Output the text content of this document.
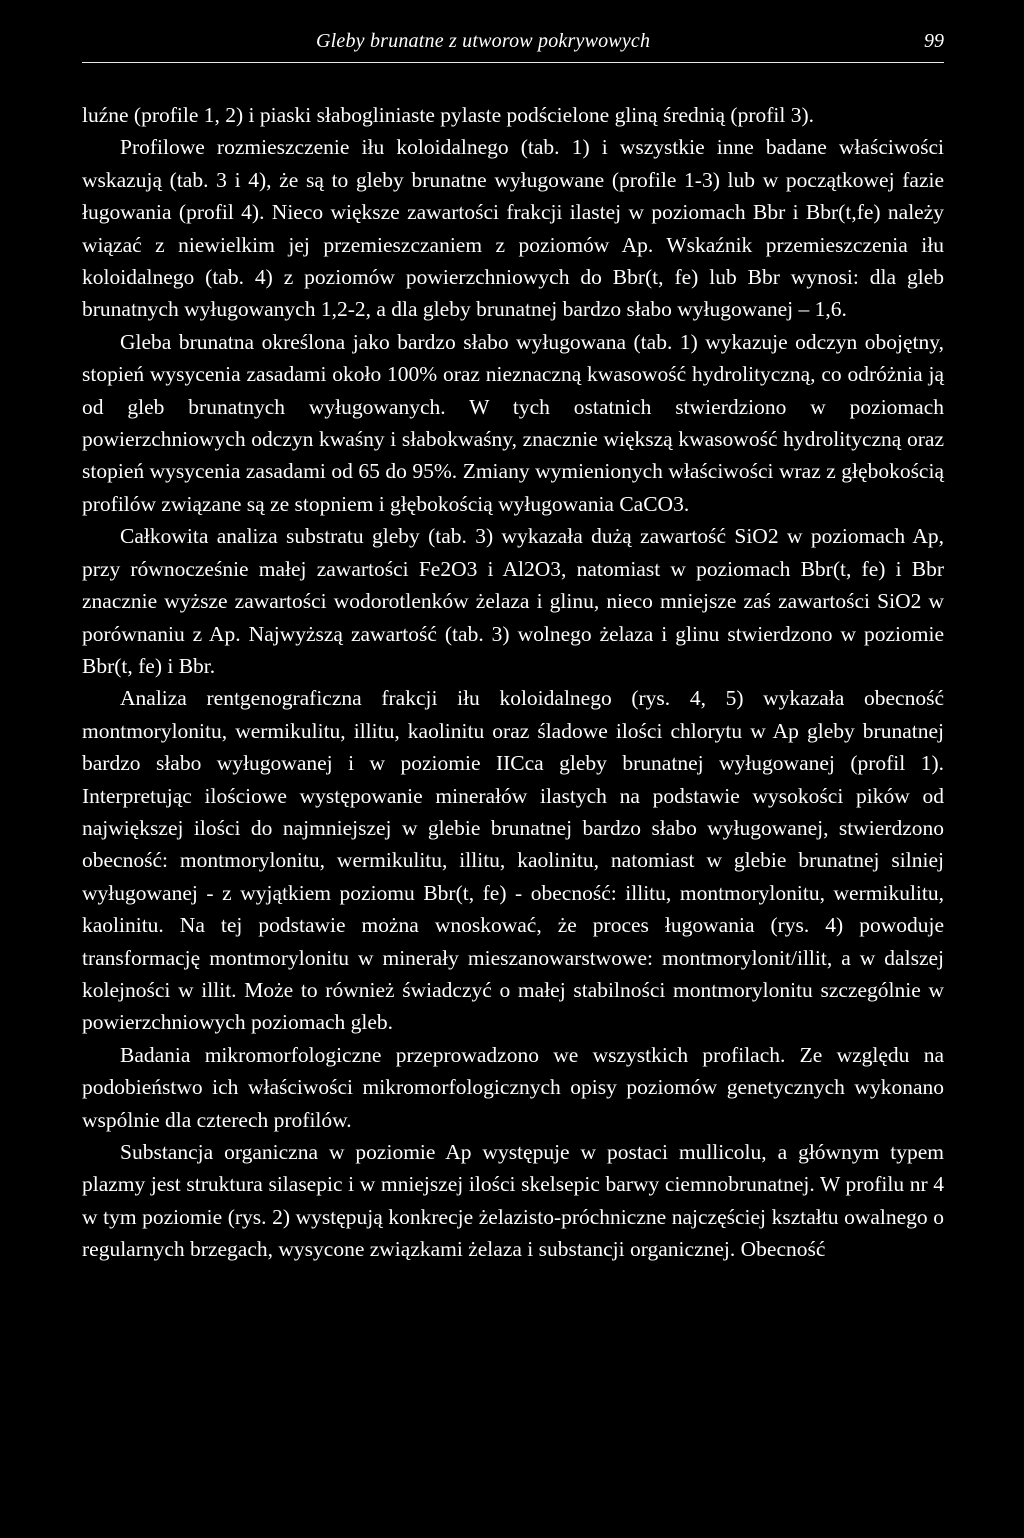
Gleby brunatne z utworow pokrywowych	99

luźne (profile 1, 2) i piaski słabogliniaste pylaste podścielone gliną średnią (profil 3).

Profilowe rozmieszczenie iłu koloidalnego (tab. 1) i wszystkie inne badane właściwości wskazują (tab. 3 i 4), że są to gleby brunatne wyługowane (profile 1-3) lub w początkowej fazie ługowania (profil 4). Nieco większe zawartości frakcji ilastej w poziomach Bbr i Bbr(t,fe) należy wiązać z niewielkim jej przemieszczaniem z poziomów Ap. Wskaźnik przemieszczenia iłu koloidalnego (tab. 4) z poziomów powierzchniowych do Bbr(t, fe) lub Bbr wynosi: dla gleb brunatnych wyługowanych 1,2-2, a dla gleby brunatnej bardzo słabo wyługowanej – 1,6.

Gleba brunatna określona jako bardzo słabo wyługowana (tab. 1) wykazuje odczyn obojętny, stopień wysycenia zasadami około 100% oraz nieznaczną kwasowość hydrolityczną, co odróżnia ją od gleb brunatnych wyługowanych. W tych ostatnich stwierdziono w poziomach powierzchniowych odczyn kwaśny i słabokwaśny, znacznie większą kwasowość hydrolityczną oraz stopień wysycenia zasadami od 65 do 95%. Zmiany wymienionych właściwości wraz z głębokością profilów związane są ze stopniem i głębokością wyługowania CaCO3.

Całkowita analiza substratu gleby (tab. 3) wykazała dużą zawartość SiO2 w poziomach Ap, przy równocześnie małej zawartości Fe2O3 i Al2O3, natomiast w poziomach Bbr(t, fe) i Bbr znacznie wyższe zawartości wodorotlenków żelaza i glinu, nieco mniejsze zaś zawartości SiO2 w porównaniu z Ap. Najwyższą zawartość (tab. 3) wolnego żelaza i glinu stwierdzono w poziomie Bbr(t, fe) i Bbr.

Analiza rentgenograficzna frakcji iłu koloidalnego (rys. 4, 5) wykazała obecność montmorylonitu, wermikulitu, illitu, kaolinitu oraz śladowe ilości chlorytu w Ap gleby brunatnej bardzo słabo wyługowanej i w poziomie IICca gleby brunatnej wyługowanej (profil 1). Interpretując ilościowe występowanie minerałów ilastych na podstawie wysokości pików od największej ilości do najmniejszej w glebie brunatnej bardzo słabo wyługowanej, stwierdzono obecność: montmorylonitu, wermikulitu, illitu, kaolinitu, natomiast w glebie brunatnej silniej wyługowanej - z wyjątkiem poziomu Bbr(t, fe) - obecność: illitu, montmorylonitu, wermikulitu, kaolinitu. Na tej podstawie można wnoskować, że proces ługowania (rys. 4) powoduje transformację montmorylonitu w minerały mieszanowarstwowe: montmorylonit/illit, a w dalszej kolejności w illit. Może to również świadczyć o małej stabilności montmorylonitu szczególnie w powierzchniowych poziomach gleb.

Badania mikromorfologiczne przeprowadzono we wszystkich profilach. Ze względu na podobieństwo ich właściwości mikromorfologicznych opisy poziomów genetycznych wykonano wspólnie dla czterech profilów.

Substancja organiczna w poziomie Ap występuje w postaci mullicolu, a głównym typem plazmy jest struktura silasepic i w mniejszej ilości skelsepic barwy ciemnobrunatnej. W profilu nr 4 w tym poziomie (rys. 2) występują konkrecje żelazisto-próchniczne najczęściej kształtu owalnego o regularnych brzegach, wysycone związkami żelaza i substancji organicznej. Obecność
